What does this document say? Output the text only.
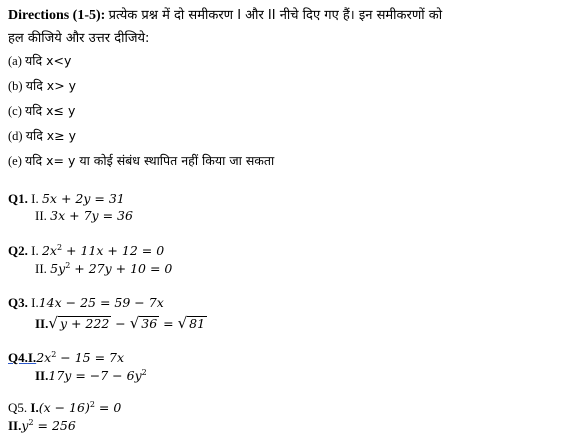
Directions (1-5): प्रत्येक प्रश्न में दो समीकरण I और II नीचे दिए गए हैं। इन समीकरणों को
हल कीजिये और उत्तर दीजिये:
(a) यदि x<y
(b) यदि x> y
(c) यदि x≤ y
(d) यदि x≥ y
(e) यदि x= y या कोई संबंध स्थापित नहीं किया जा सकता
Q1. I. 5x + 2y = 31
II. 3x + 7y = 36
Q2. I. $2x^2 + 11x + 12 = 0$
II. $5y^2 + 27y + 10 = 0$
Q3. I.14x − 25 = 59 − 7x
II.√ y + 222 − √ 36 = √ 81
$Q4.I.2x^2 - 15 = 7x$
$II.17y = -7 - 6y^2$
Q5. $I.(x - 16)^2 = 0$
$II.y^2 = 256$
